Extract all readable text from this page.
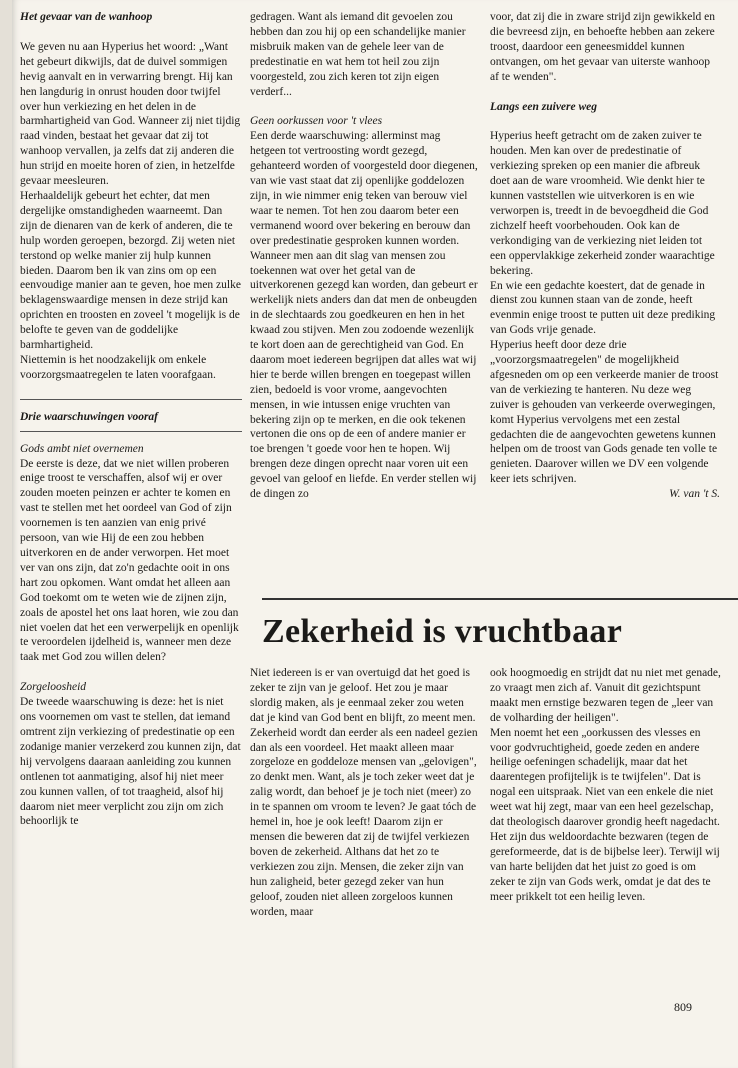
Het gevaar van de wanhoop

We geven nu aan Hyperius het woord: „Want het gebeurt dikwijls, dat de duivel sommigen hevig aanvalt en in verwarring brengt. Hij kan hen langdurig in onrust houden door twijfel over hun verkiezing en het delen in de barmhartigheid van God. Wanneer zij niet tijdig raad vinden, bestaat het gevaar dat zij tot wanhoop vervallen, ja zelfs dat zij anderen die hun strijd en moeite horen of zien, in hetzelfde gevaar meesleuren.

Herhaaldelijk gebeurt het echter, dat men dergelijke omstandigheden waarneemt. Dan zijn de dienaren van de kerk of anderen, die te hulp worden geroepen, bezorgd. Zij weten niet terstond op welke manier zij hulp kunnen bieden. Daarom ben ik van zins om op een eenvoudige manier aan te geven, hoe men zulke beklagenswaardige mensen in deze strijd kan oprichten en troosten en zoveel 't mogelijk is de belofte te geven van de goddelijke barmhartigheid.

Niettemin is het noodzakelijk om enkele voorzorgsmaatregelen te laten voorafgaan.

Drie waarschuwingen vooraf

Gods ambt niet overnemen

De eerste is deze, dat we niet willen proberen enige troost te verschaffen, alsof wij er over zouden moeten peinzen er achter te komen en vast te stellen met het oordeel van God of zijn voornemen is ten aanzien van enig privé persoon, van wie Hij de een zou hebben uitverkoren en de ander verworpen. Het moet ver van ons zijn, dat zo'n gedachte ooit in ons hart zou opkomen. Want omdat het alleen aan God toekomt om te weten wie de zijnen zijn, zoals de apostel het ons laat horen, wie zou dan niet voelen dat het een verwerpelijk en openlijk te veroordelen ijdelheid is, wanneer men deze taak met God zou willen delen?

Zorgeloosheid

De tweede waarschuwing is deze: het is niet ons voornemen om vast te stellen, dat iemand omtrent zijn verkiezing of predestinatie op een zodanige manier verzekerd zou kunnen zijn, dat hij vervolgens daaraan aanleiding zou kunnen ontlenen tot aanmatiging, alsof hij niet meer zou kunnen vallen, of tot traagheid, alsof hij daarom niet meer verplicht zou zijn om zich behoorlijk te

gedragen. Want als iemand dit gevoelen zou hebben dan zou hij op een schandelijke manier misbruik maken van de gehele leer van de predestinatie en wat hem tot heil zou zijn voorgesteld, zou zich keren tot zijn eigen verderf...

Geen oorkussen voor 't vlees

Een derde waarschuwing: allerminst mag hetgeen tot vertroosting wordt gezegd, gehanteerd worden of voorgesteld door diegenen, van wie vast staat dat zij openlijke goddelozen zijn, in wie nimmer enig teken van berouw viel waar te nemen. Tot hen zou daarom beter een vermanend woord over bekering en berouw dan over predestinatie gesproken kunnen worden. Wanneer men aan dit slag van mensen zou toekennen wat over het getal van de uitverkorenen gezegd kan worden, dan gebeurt er werkelijk niets anders dan dat men de onbeugden in de slechtaards zou goedkeuren en hen in het kwaad zou stijven. Men zou zodoende wezenlijk te kort doen aan de gerechtigheid van God. En daarom moet iedereen begrijpen dat alles wat wij hier te berde willen brengen en toegepast willen zien, bedoeld is voor vrome, aangevochten mensen, in wie intussen enige vruchten van bekering zijn op te merken, en die ook tekenen vertonen die ons op de een of andere manier er toe brengen 't goede voor hen te hopen. Wij brengen deze dingen oprecht naar voren uit een gevoel van geloof en liefde. En verder stellen wij de dingen zo

voor, dat zij die in zware strijd zijn gewikkeld en die bevreesd zijn, en behoefte hebben aan zekere troost, daardoor een geneesmiddel kunnen ontvangen, om het gevaar van uiterste wanhoop af te wenden".

Langs een zuivere weg

Hyperius heeft getracht om de zaken zuiver te houden. Men kan over de predestinatie of verkiezing spreken op een manier die afbreuk doet aan de ware vroomheid. Wie denkt hier te kunnen vaststellen wie uitverkoren is en wie verworpen is, treedt in de bevoegdheid die God zichzelf heeft voorbehouden. Ook kan de verkondiging van de verkiezing niet leiden tot een oppervlakkige zekerheid zonder waarachtige bekering.

En wie een gedachte koestert, dat de genade in dienst zou kunnen staan van de zonde, heeft evenmin enige troost te putten uit deze prediking van Gods vrije genade.

Hyperius heeft door deze drie „voorzorgsmaatregelen" de mogelijkheid afgesneden om op een verkeerde manier de troost van de verkiezing te hanteren. Nu deze weg zuiver is gehouden van verkeerde overwegingen, komt Hyperius vervolgens met een zestal gedachten die de aangevochten gewetens kunnen helpen om de troost van Gods genade ten volle te genieten. Daarover willen we DV een volgende keer iets schrijven.

W. van 't S.

Zekerheid is vruchtbaar

Niet iedereen is er van overtuigd dat het goed is zeker te zijn van je geloof. Het zou je maar slordig maken, als je eenmaal zeker zou weten dat je kind van God bent en blijft, zo meent men. Zekerheid wordt dan eerder als een nadeel gezien dan als een voordeel. Het maakt alleen maar zorgeloze en goddeloze mensen van „gelovigen", zo denkt men. Want, als je toch zeker weet dat je zalig wordt, dan behoef je je toch niet (meer) zo in te spannen om vroom te leven? Je gaat tóch de hemel in, hoe je ook leeft! Daarom zijn er mensen die beweren dat zij de twijfel verkiezen boven de zekerheid. Althans dat het zo te verkiezen zou zijn. Mensen, die zeker zijn van hun zaligheid, beter gezegd zeker van hun geloof, zouden niet alleen zorgeloos kunnen worden, maar

ook hoogmoedig en strijdt dat nu niet met genade, zo vraagt men zich af. Vanuit dit gezichtspunt maakt men ernstige bezwaren tegen de „leer van de volharding der heiligen".

Men noemt het een „oorkussen des vlesses en voor godvruchtigheid, goede zeden en andere heilige oefeningen schadelijk, maar dat het daarentegen profijtelijk is te twijfelen". Dat is nogal een uitspraak. Niet van een enkele die niet weet wat hij zegt, maar van een heel gezelschap, dat theologisch daarover grondig heeft nagedacht. Het zijn dus weldoordachte bezwaren (tegen de gereformeerde, dat is de bijbelse leer). Terwijl wij van harte belijden dat het juist zo goed is om zeker te zijn van Gods werk, omdat je dat des te meer prikkelt tot een heilig leven.

809
